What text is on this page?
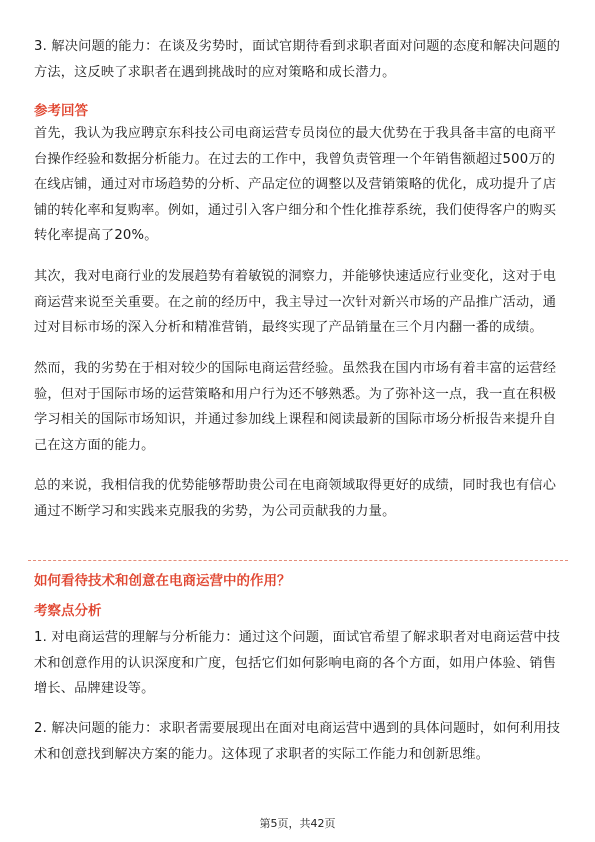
3. 解决问题的能力：在谈及劣势时，面试官期待看到求职者面对问题的态度和解决问题的方法，这反映了求职者在遇到挑战时的应对策略和成长潜力。

参考回答

首先，我认为我应聘京东科技公司电商运营专员岗位的最大优势在于我具备丰富的电商平台操作经验和数据分析能力。在过去的工作中，我曾负责管理一个年销售额超过500万的在线店铺，通过对市场趋势的分析、产品定位的调整以及营销策略的优化，成功提升了店铺的转化率和复购率。例如，通过引入客户细分和个性化推荐系统，我们使得客户的购买转化率提高了20%。

其次，我对电商行业的发展趋势有着敏锐的洞察力，并能够快速适应行业变化，这对于电商运营来说至关重要。在之前的经历中，我主导过一次针对新兴市场的产品推广活动，通过对目标市场的深入分析和精准营销，最终实现了产品销量在三个月内翻一番的成绩。

然而，我的劣势在于相对较少的国际电商运营经验。虽然我在国内市场有着丰富的运营经验，但对于国际市场的运营策略和用户行为还不够熟悉。为了弥补这一点，我一直在积极学习相关的国际市场知识，并通过参加线上课程和阅读最新的国际市场分析报告来提升自己在这方面的能力。

总的来说，我相信我的优势能够帮助贵公司在电商领域取得更好的成绩，同时我也有信心通过不断学习和实践来克服我的劣势，为公司贡献我的力量。

如何看待技术和创意在电商运营中的作用？
考察点分析

1. 对电商运营的理解与分析能力：通过这个问题，面试官希望了解求职者对电商运营中技术和创意作用的认识深度和广度，包括它们如何影响电商的各个方面，如用户体验、销售增长、品牌建设等。

2. 解决问题的能力：求职者需要展现出在面对电商运营中遇到的具体问题时，如何利用技术和创意找到解决方案的能力。这体现了求职者的实际工作能力和创新思维。

第5页，共42页
